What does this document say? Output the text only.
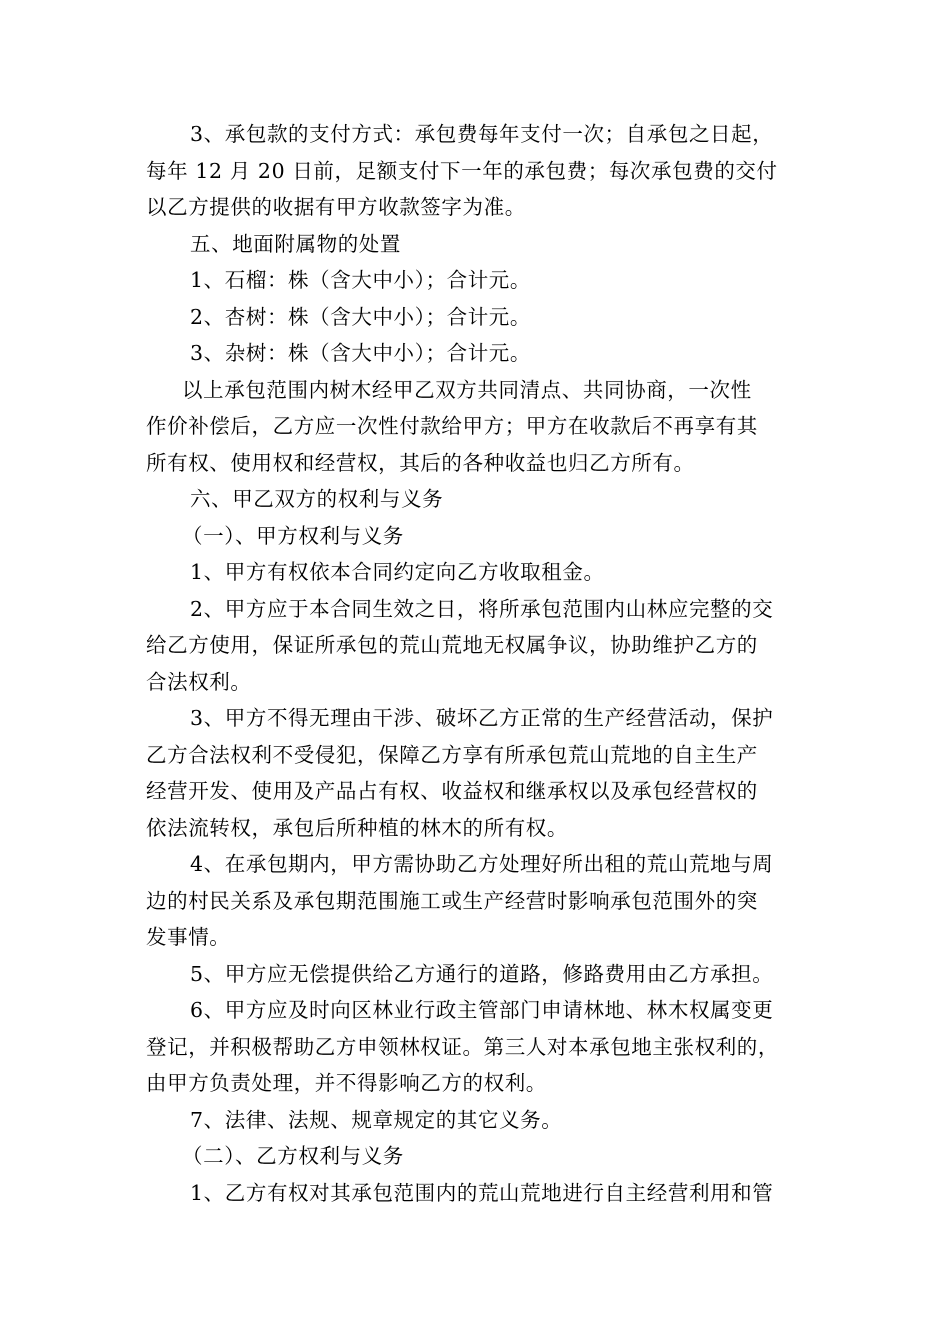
3、承包款的支付方式：承包费每年支付一次；自承包之日起，
每年 12 月 20 日前，足额支付下一年的承包费；每次承包费的交付
以乙方提供的收据有甲方收款签字为准。
五、地面附属物的处置
1、石榴：株（含大中小）；合计元。
2、杏树：株（含大中小）；合计元。
3、杂树：株（含大中小）；合计元。
以上承包范围内树木经甲乙双方共同清点、共同协商，一次性
作价补偿后，乙方应一次性付款给甲方；甲方在收款后不再享有其
所有权、使用权和经营权，其后的各种收益也归乙方所有。
六、甲乙双方的权利与义务
（一）、甲方权利与义务
1、甲方有权依本合同约定向乙方收取租金。
2、甲方应于本合同生效之日，将所承包范围内山林应完整的交
给乙方使用，保证所承包的荒山荒地无权属争议，协助维护乙方的
合法权利。
3、甲方不得无理由干涉、破坏乙方正常的生产经营活动，保护
乙方合法权利不受侵犯，保障乙方享有所承包荒山荒地的自主生产
经营开发、使用及产品占有权、收益权和继承权以及承包经营权的
依法流转权，承包后所种植的林木的所有权。
4、在承包期内，甲方需协助乙方处理好所出租的荒山荒地与周
边的村民关系及承包期范围施工或生产经营时影响承包范围外的突
发事情。
5、甲方应无偿提供给乙方通行的道路，修路费用由乙方承担。
6、甲方应及时向区林业行政主管部门申请林地、林木权属变更
登记，并积极帮助乙方申领林权证。第三人对本承包地主张权利的，
由甲方负责处理，并不得影响乙方的权利。
7、法律、法规、规章规定的其它义务。
（二）、乙方权利与义务
1、乙方有权对其承包范围内的荒山荒地进行自主经营利用和管
